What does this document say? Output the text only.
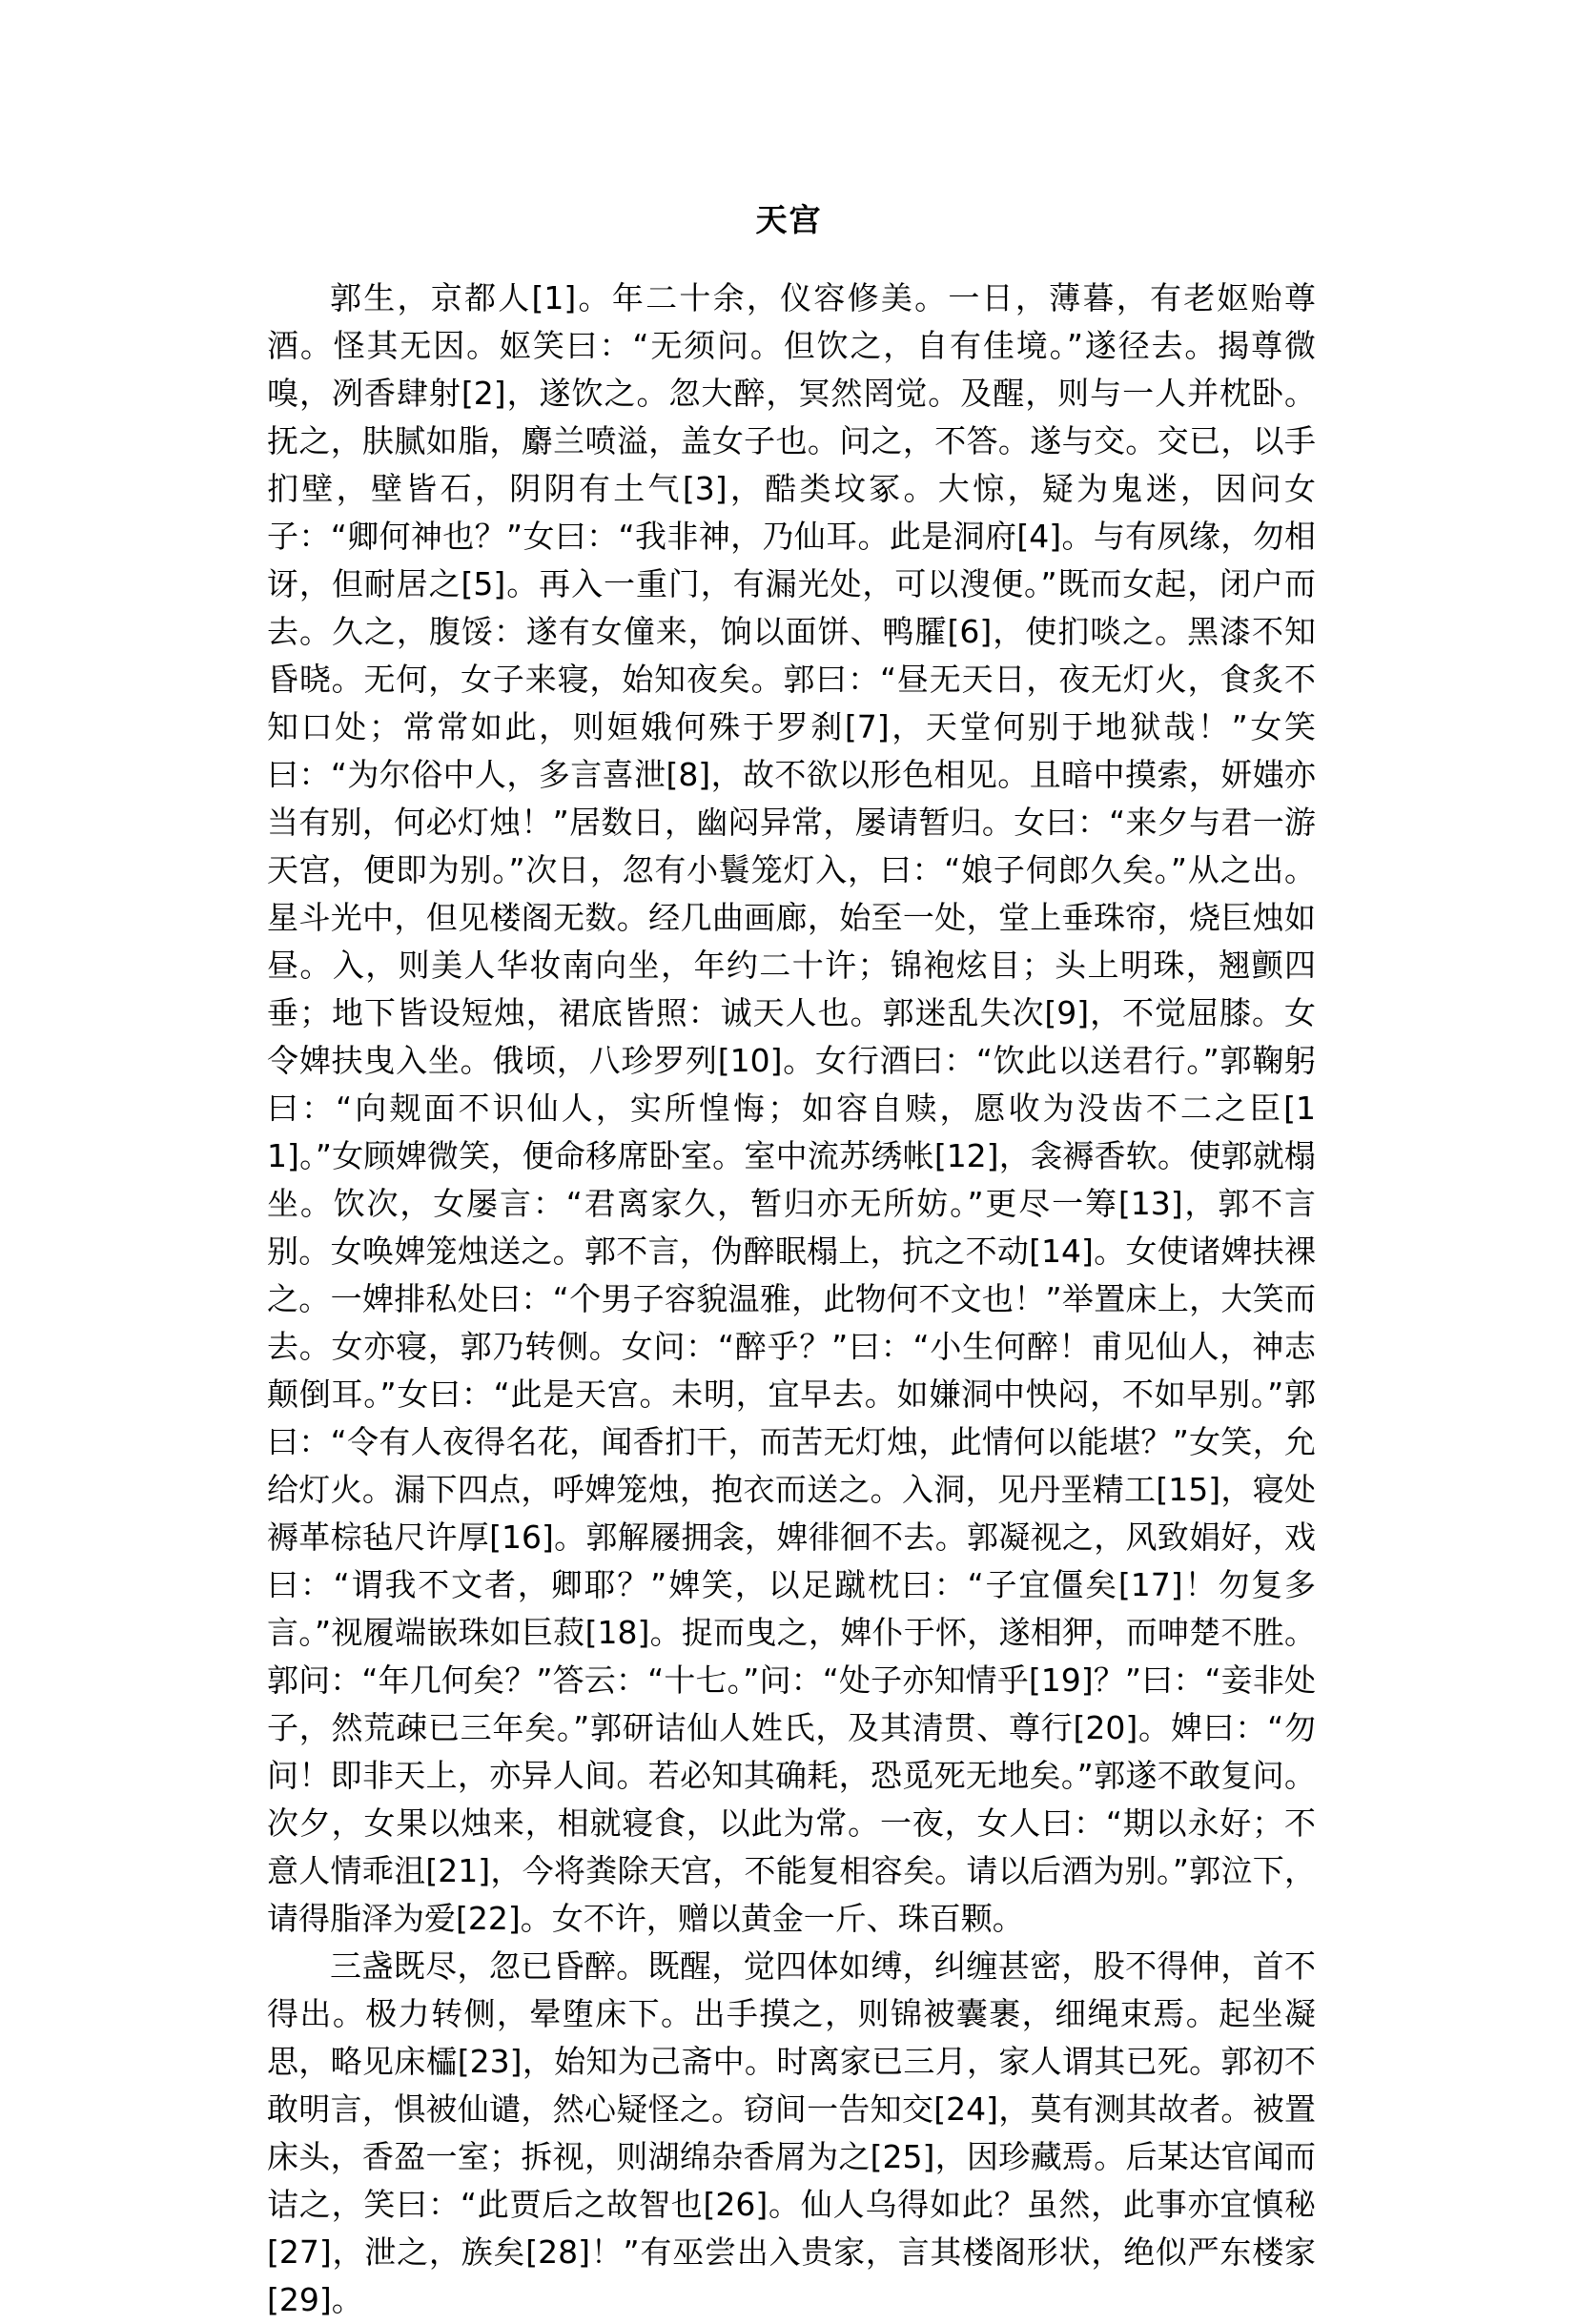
天宫

郭生，京都人[1]。年二十余，仪容修美。一日，薄暮，有老妪贻尊酒。怪其无因。妪笑曰：“无须问。但饮之，自有佳境。”遂径去。揭尊微嗅，冽香肆射[2]，遂饮之。忽大醉，冥然罔觉。及醒，则与一人并枕卧。抚之，肤腻如脂，麝兰喷溢，盖女子也。问之，不答。遂与交。交已，以手扪壁，壁皆石，阴阴有土气[3]，酷类坟冢。大惊，疑为鬼迷，因问女子：“卿何神也？”女曰：“我非神，乃仙耳。此是洞府[4]。与有夙缘，勿相讶，但耐居之[5]。再入一重门，有漏光处，可以溲便。”既而女起，闭户而去。久之，腹馁：遂有女僮来，饷以面饼、鸭臛[6]，使扪啖之。黑漆不知昏晓。无何，女子来寝，始知夜矣。郭曰：“昼无天日，夜无灯火，食炙不知口处；常常如此，则姮娥何殊于罗刹[7]，天堂何别于地狱哉！”女笑曰：“为尔俗中人，多言喜泄[8]，故不欲以形色相见。且暗中摸索，妍媸亦当有别，何必灯烛！”居数日，幽闷异常，屡请暂归。女曰：“来夕与君一游天宫，便即为别。”次日，忽有小鬟笼灯入，曰：“娘子伺郎久矣。”从之出。星斗光中，但见楼阁无数。经几曲画廊，始至一处，堂上垂珠帘，烧巨烛如昼。入，则美人华妆南向坐，年约二十许；锦袍炫目；头上明珠，翘颤四垂；地下皆设短烛，裙底皆照：诚天人也。郭迷乱失次[9]，不觉屈膝。女令婢扶曳入坐。俄顷，八珍罗列[10]。女行酒曰：“饮此以送君行。”郭鞠躬曰：“向觌面不识仙人，实所惶悔；如容自赎，愿收为没齿不二之臣[11]。”女顾婢微笑，便命移席卧室。室中流苏绣帐[12]，衾褥香软。使郭就榻坐。饮次，女屡言：“君离家久，暂归亦无所妨。”更尽一筹[13]，郭不言别。女唤婢笼烛送之。郭不言，伪醉眠榻上，抗之不动[14]。女使诸婢扶裸之。一婢排私处曰：“个男子容貌温雅，此物何不文也！”举置床上，大笑而去。女亦寝，郭乃转侧。女问：“醉乎？”曰：“小生何醉！甫见仙人，神志颠倒耳。”女曰：“此是天宫。未明，宜早去。如嫌洞中怏闷，不如早别。”郭曰：“令有人夜得名花，闻香扪干，而苦无灯烛，此情何以能堪？”女笑，允给灯火。漏下四点，呼婢笼烛，抱衣而送之。入洞，见丹垩精工[15]，寝处褥革棕毡尺许厚[16]。郭解屦拥衾，婢徘徊不去。郭凝视之，风致娟好，戏曰：“谓我不文者，卿耶？”婢笑，以足蹴枕曰：“子宜僵矣[17]！勿复多言。”视履端嵌珠如巨菽[18]。捉而曳之，婢仆于怀，遂相狎，而呻楚不胜。郭问：“年几何矣？”答云：“十七。”问：“处子亦知情乎[19]？”曰：“妾非处子，然荒疎已三年矣。”郭研诘仙人姓氏，及其清贯、尊行[20]。婢曰：“勿问！即非天上，亦异人间。若必知其确耗，恐觅死无地矣。”郭遂不敢复问。次夕，女果以烛来，相就寝食，以此为常。一夜，女人曰：“期以永好；不意人情乖沮[21]，今将粪除天宫，不能复相容矣。请以后酒为别。”郭泣下，请得脂泽为爱[22]。女不许，赠以黄金一斤、珠百颗。

三盏既尽，忽已昏醉。既醒，觉四体如缚，纠缠甚密，股不得伸，首不得出。极力转侧，晕堕床下。出手摸之，则锦被囊裹，细绳束焉。起坐凝思，略见床櫺[23]，始知为己斋中。时离家已三月，家人谓其已死。郭初不敢明言，惧被仙谴，然心疑怪之。窃间一告知交[24]，莫有测其故者。被置床头，香盈一室；拆视，则湖绵杂香屑为之[25]，因珍藏焉。后某达官闻而诘之，笑曰：“此贾后之故智也[26]。仙人乌得如此？虽然，此事亦宜慎秘[27]，泄之，族矣[28]！”有巫尝出入贵家，言其楼阁形状，绝似严东楼家[29]。
